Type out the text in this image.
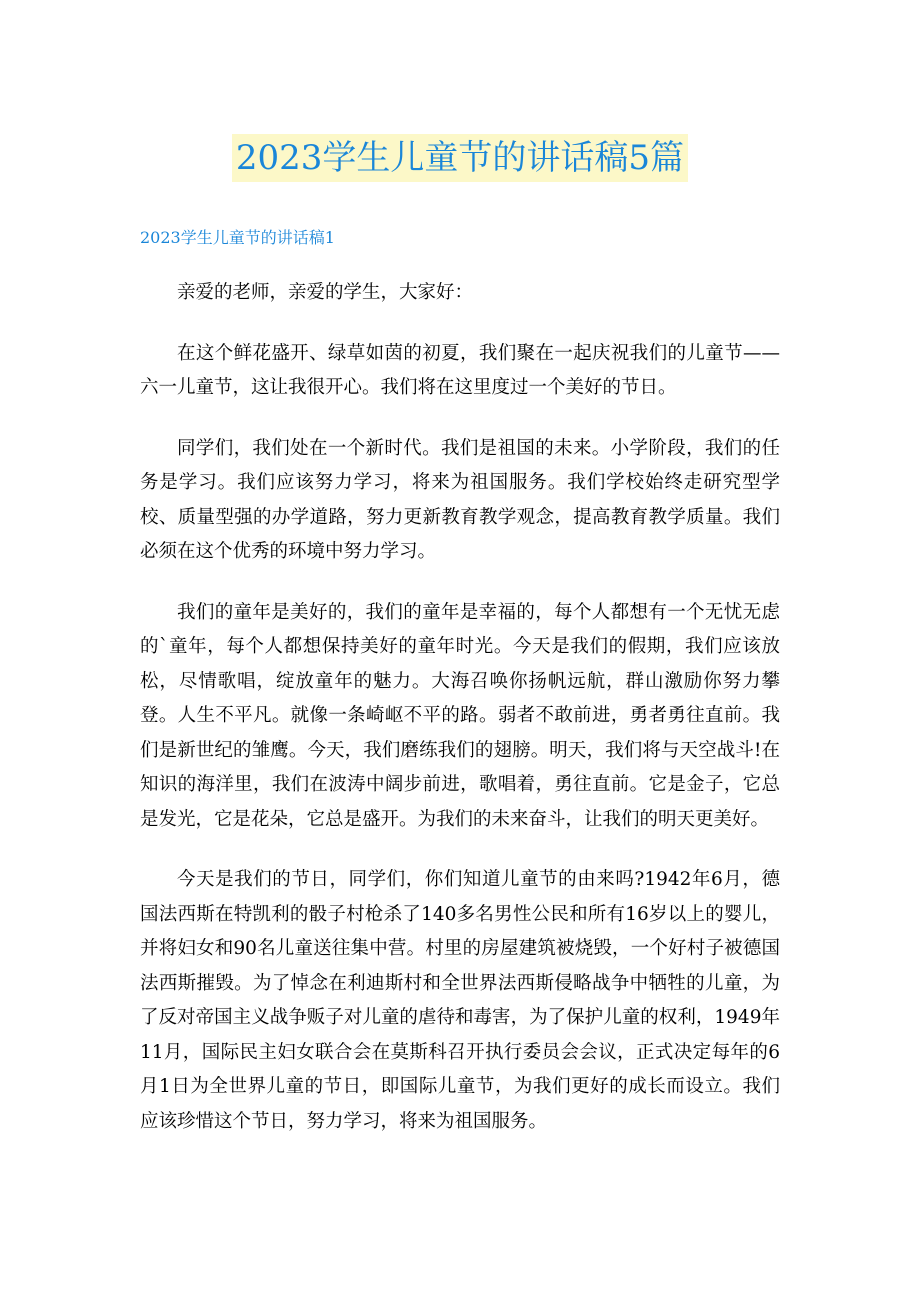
2023学生儿童节的讲话稿5篇
2023学生儿童节的讲话稿1

亲爱的老师，亲爱的学生，大家好：

在这个鲜花盛开、绿草如茵的初夏，我们聚在一起庆祝我们的儿童节——六一儿童节，这让我很开心。我们将在这里度过一个美好的节日。

同学们，我们处在一个新时代。我们是祖国的未来。小学阶段，我们的任务是学习。我们应该努力学习，将来为祖国服务。我们学校始终走研究型学校、质量型强的办学道路，努力更新教育教学观念，提高教育教学质量。我们必须在这个优秀的环境中努力学习。

我们的童年是美好的，我们的童年是幸福的，每个人都想有一个无忧无虑的`童年，每个人都想保持美好的童年时光。今天是我们的假期，我们应该放松，尽情歌唱，绽放童年的魅力。大海召唤你扬帆远航，群山激励你努力攀登。人生不平凡。就像一条崎岖不平的路。弱者不敢前进，勇者勇往直前。我们是新世纪的雏鹰。今天，我们磨练我们的翅膀。明天，我们将与天空战斗!在知识的海洋里，我们在波涛中阔步前进，歌唱着，勇往直前。它是金子，它总是发光，它是花朵，它总是盛开。为我们的未来奋斗，让我们的明天更美好。

今天是我们的节日，同学们，你们知道儿童节的由来吗?1942年6月，德国法西斯在特凯利的骰子村枪杀了140多名男性公民和所有16岁以上的婴儿，并将妇女和90名儿童送往集中营。村里的房屋建筑被烧毁，一个好村子被德国法西斯摧毁。为了悼念在利迪斯村和全世界法西斯侵略战争中牺牲的儿童，为了反对帝国主义战争贩子对儿童的虐待和毒害，为了保护儿童的权利，1949年11月，国际民主妇女联合会在莫斯科召开执行委员会会议，正式决定每年的6月1日为全世界儿童的节日，即国际儿童节，为我们更好的成长而设立。我们应该珍惜这个节日，努力学习，将来为祖国服务。
